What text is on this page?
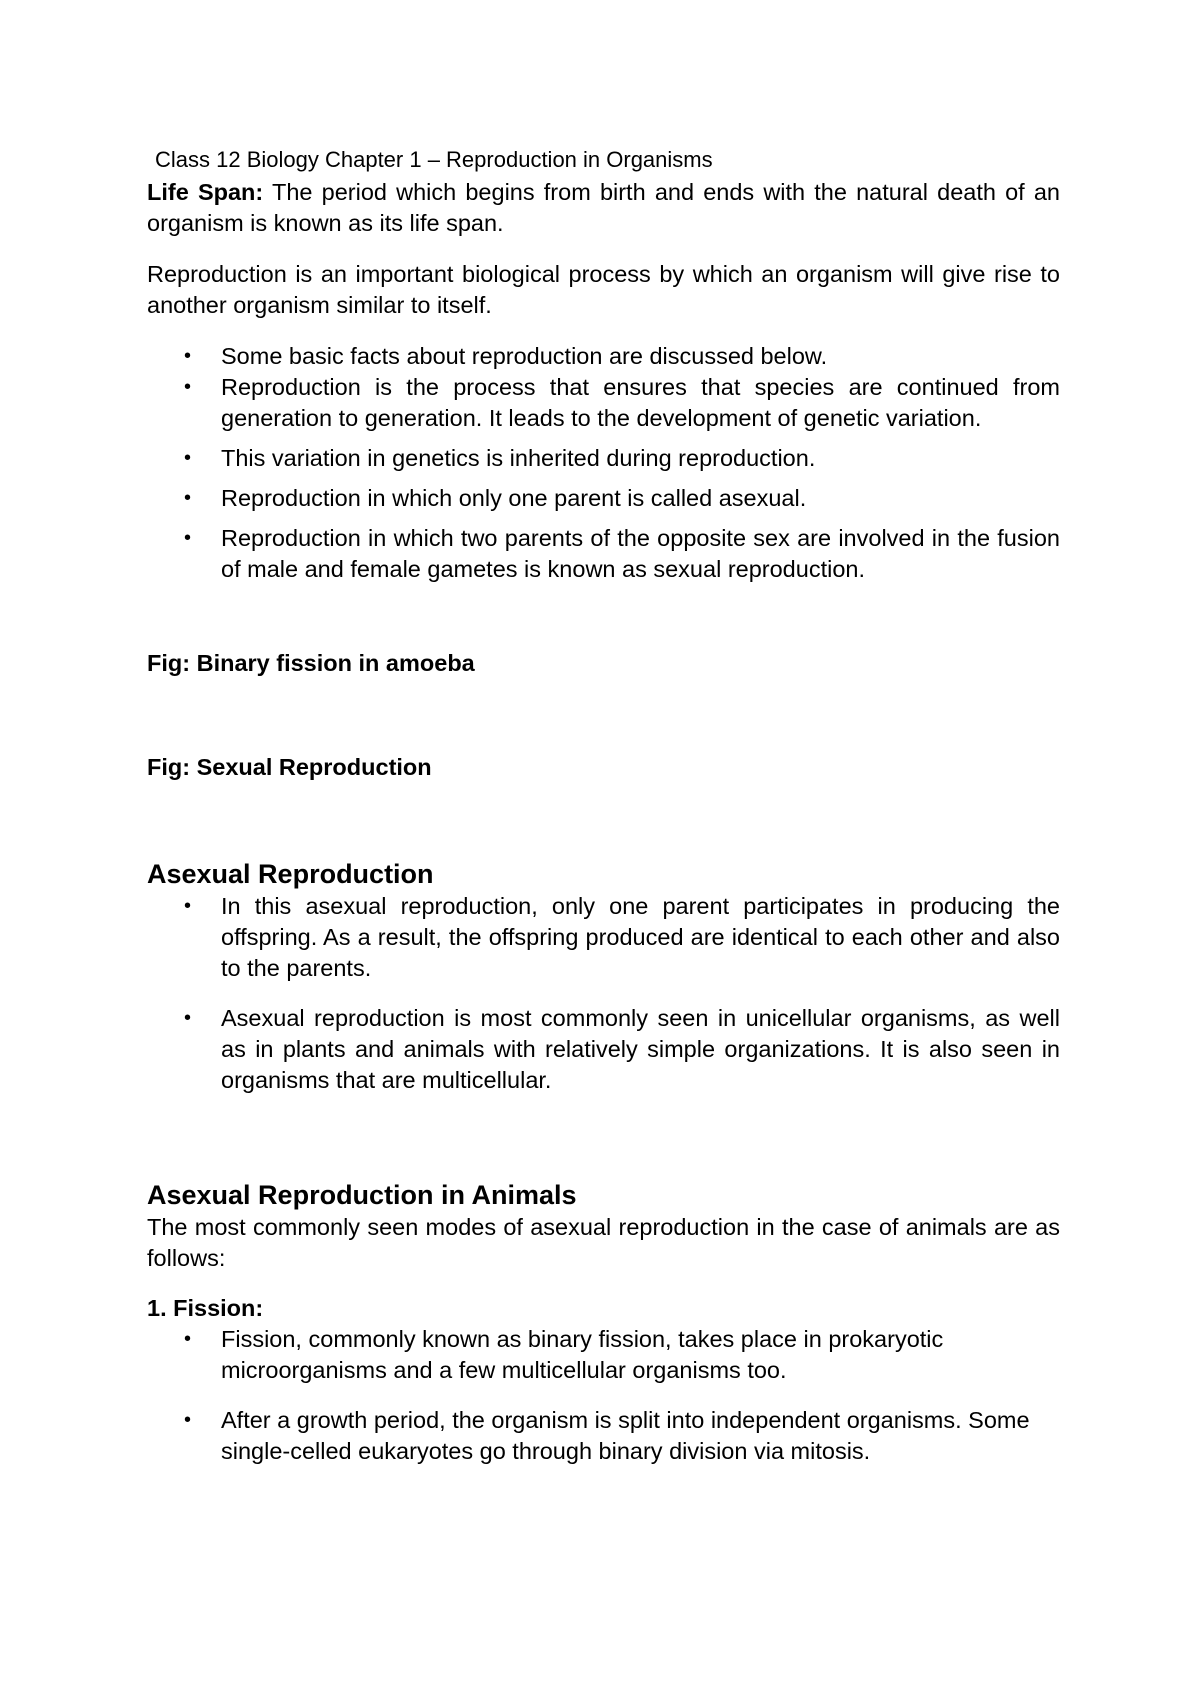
Class 12 Biology Chapter 1 – Reproduction in Organisms

Life Span: The period which begins from birth and ends with the natural death of an organism is known as its life span.

Reproduction is an important biological process by which an organism will give rise to another organism similar to itself.

• Some basic facts about reproduction are discussed below.
• Reproduction is the process that ensures that species are continued from generation to generation. It leads to the development of genetic variation.
• This variation in genetics is inherited during reproduction.
• Reproduction in which only one parent is called asexual.
• Reproduction in which two parents of the opposite sex are involved in the fusion of male and female gametes is known as sexual reproduction.
Fig: Binary fission in amoeba
Fig: Sexual Reproduction
Asexual Reproduction
• In this asexual reproduction, only one parent participates in producing the offspring. As a result, the offspring produced are identical to each other and also to the parents.
• Asexual reproduction is most commonly seen in unicellular organisms, as well as in plants and animals with relatively simple organizations. It is also seen in organisms that are multicellular.
Asexual Reproduction in Animals

The most commonly seen modes of asexual reproduction in the case of animals are as follows:

1. Fission:
• Fission, commonly known as binary fission, takes place in prokaryotic microorganisms and a few multicellular organisms too.
• After a growth period, the organism is split into independent organisms. Some single-celled eukaryotes go through binary division via mitosis.
